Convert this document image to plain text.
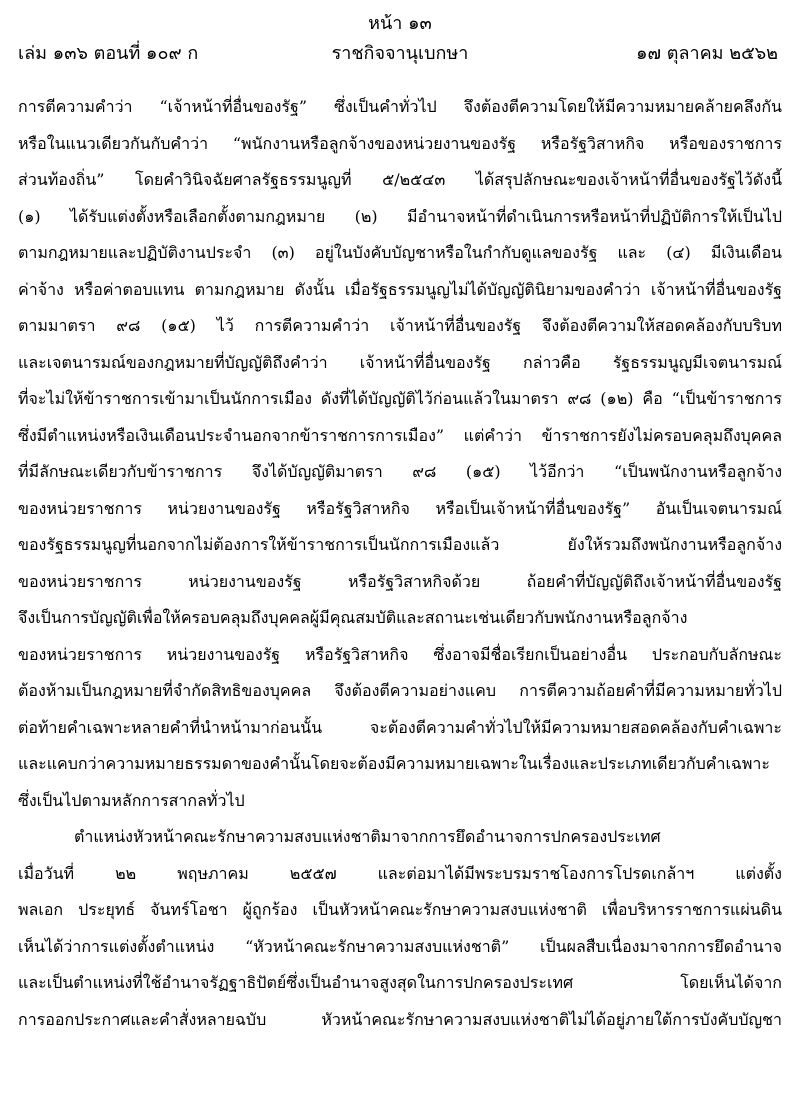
หน้า ๑๓
เล่ม ๑๓๖ ตอนที่ ๑๐๙ ก	ราชกิจจานุเบกษา	๑๗ ตุลาคม ๒๕๖๒
การตีความคำว่า “เจ้าหน้าที่อื่นของรัฐ” ซึ่งเป็นคำทั่วไป จึงต้องตีความโดยให้มีความหมายคล้ายคลึงกัน
หรือในแนวเดียวกันกับคำว่า “พนักงานหรือลูกจ้างของหน่วยงานของรัฐ หรือรัฐวิสาหกิจ หรือของราชการ
ส่วนท้องถิ่น” โดยคำวินิจฉัยศาลรัฐธรรมนูญที่ ๕/๒๕๔๓ ได้สรุปลักษณะของเจ้าหน้าที่อื่นของรัฐไว้ดังนี้
(๑) ได้รับแต่งตั้งหรือเลือกตั้งตามกฎหมาย (๒) มีอำนาจหน้าที่ดำเนินการหรือหน้าที่ปฏิบัติการให้เป็นไป
ตามกฎหมายและปฏิบัติงานประจำ (๓) อยู่ในบังคับบัญชาหรือในกำกับดูแลของรัฐ และ (๔) มีเงินเดือน
ค่าจ้าง หรือค่าตอบแทน ตามกฎหมาย ดังนั้น เมื่อรัฐธรรมนูญไม่ได้บัญญัตินิยามของคำว่า เจ้าหน้าที่อื่นของรัฐ
ตามมาตรา ๙๘ (๑๕) ไว้ การตีความคำว่า เจ้าหน้าที่อื่นของรัฐ จึงต้องตีความให้สอดคล้องกับบริบท
และเจตนารมณ์ของกฎหมายที่บัญญัติถึงคำว่า เจ้าหน้าที่อื่นของรัฐ กล่าวคือ รัฐธรรมนูญมีเจตนารมณ์
ที่จะไม่ให้ข้าราชการเข้ามาเป็นนักการเมือง ดังที่ได้บัญญัติไว้ก่อนแล้วในมาตรา ๙๘ (๑๒) คือ “เป็นข้าราชการ
ซึ่งมีตำแหน่งหรือเงินเดือนประจำนอกจากข้าราชการการเมือง” แต่คำว่า ข้าราชการยังไม่ครอบคลุมถึงบุคคล
ที่มีลักษณะเดียวกับข้าราชการ จึงได้บัญญัติมาตรา ๙๘ (๑๕) ไว้อีกว่า “เป็นพนักงานหรือลูกจ้าง
ของหน่วยราชการ หน่วยงานของรัฐ หรือรัฐวิสาหกิจ หรือเป็นเจ้าหน้าที่อื่นของรัฐ” อันเป็นเจตนารมณ์
ของรัฐธรรมนูญที่นอกจากไม่ต้องการให้ข้าราชการเป็นนักการเมืองแล้ว ยังให้รวมถึงพนักงานหรือลูกจ้าง
ของหน่วยราชการ หน่วยงานของรัฐ หรือรัฐวิสาหกิจด้วย ถ้อยคำที่บัญญัติถึงเจ้าหน้าที่อื่นของรัฐ
จึงเป็นการบัญญัติเพื่อให้ครอบคลุมถึงบุคคลผู้มีคุณสมบัติและสถานะเช่นเดียวกับพนักงานหรือลูกจ้าง
ของหน่วยราชการ หน่วยงานของรัฐ หรือรัฐวิสาหกิจ ซึ่งอาจมีชื่อเรียกเป็นอย่างอื่น ประกอบกับลักษณะ
ต้องห้ามเป็นกฎหมายที่จำกัดสิทธิของบุคคล จึงต้องตีความอย่างแคบ การตีความถ้อยคำที่มีความหมายทั่วไป
ต่อท้ายคำเฉพาะหลายคำที่นำหน้ามาก่อนนั้น จะต้องตีความคำทั่วไปให้มีความหมายสอดคล้องกับคำเฉพาะ
และแคบกว่าความหมายธรรมดาของคำนั้นโดยจะต้องมีความหมายเฉพาะในเรื่องและประเภทเดียวกับคำเฉพาะ
ซึ่งเป็นไปตามหลักการสากลทั่วไป
ตำแหน่งหัวหน้าคณะรักษาความสงบแห่งชาติมาจากการยึดอำนาจการปกครองประเทศ
เมื่อวันที่ ๒๒ พฤษภาคม ๒๕๕๗ และต่อมาได้มีพระบรมราชโองการโปรดเกล้าฯ แต่งตั้ง
พลเอก ประยุทธ์ จันทร์โอชา ผู้ถูกร้อง เป็นหัวหน้าคณะรักษาความสงบแห่งชาติ เพื่อบริหารราชการแผ่นดิน
เห็นได้ว่าการแต่งตั้งตำแหน่ง “หัวหน้าคณะรักษาความสงบแห่งชาติ” เป็นผลสืบเนื่องมาจากการยึดอำนาจ
และเป็นตำแหน่งที่ใช้อำนาจรัฏฐาธิปัตย์ซึ่งเป็นอำนาจสูงสุดในการปกครองประเทศ โดยเห็นได้จาก
การออกประกาศและคำสั่งหลายฉบับ หัวหน้าคณะรักษาความสงบแห่งชาติไม่ได้อยู่ภายใต้การบังคับบัญชา
